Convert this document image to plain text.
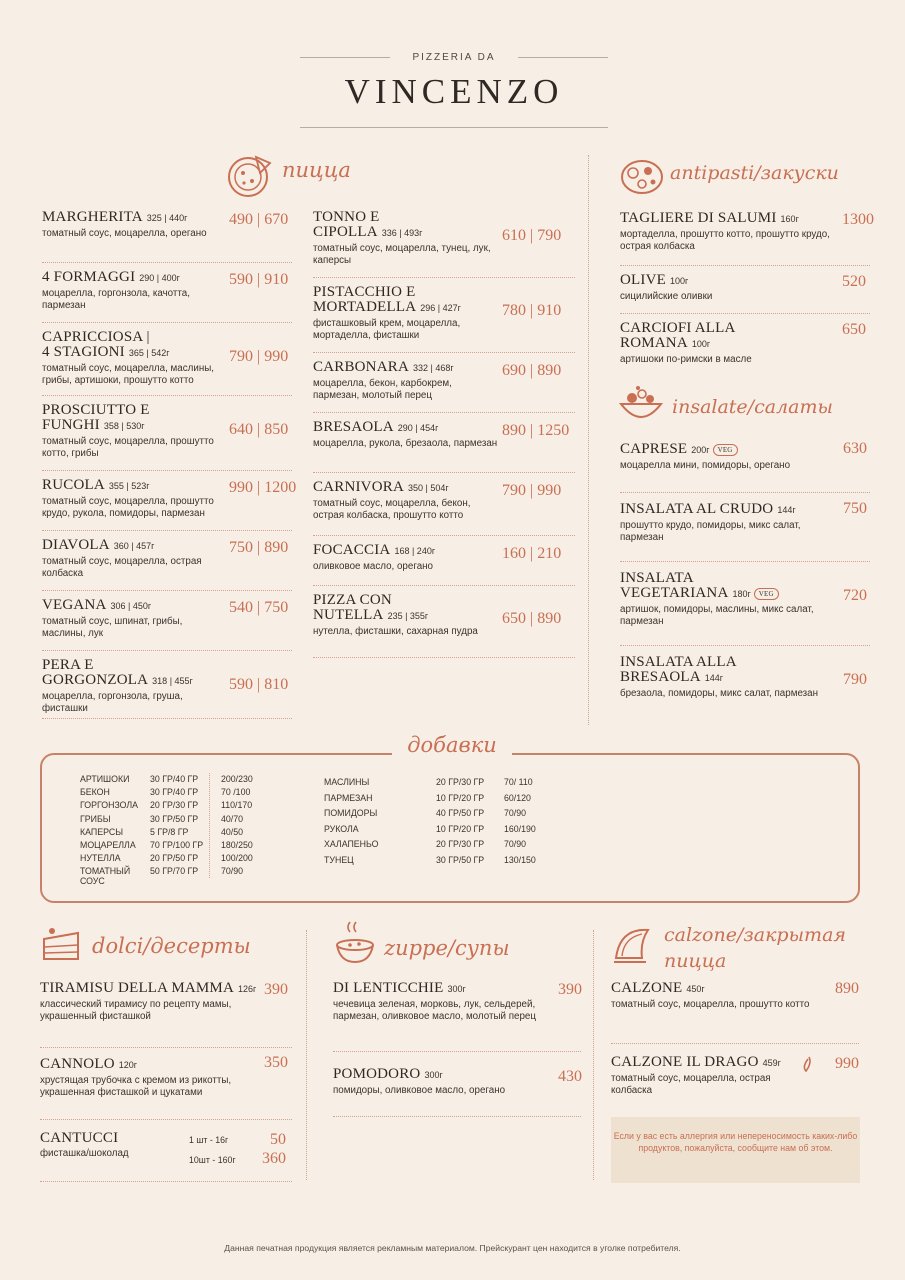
PIZZERIA DA
VINCENZO
пицца
MARGHERITA 325 | 440г
томатный соус, моцарелла, орегано
490 | 670
4 FORMAGGI 290 | 400г
моцарелла, горгонзола, качотта, пармезан
590 | 910
CAPRICCIOSA |
4 STAGIONI 365 | 542г
томатный соус, моцарелла, маслины, грибы, артишоки, прошутто котто
790 | 990
PROSCIUTTO E
FUNGHI 358 | 530г
томатный соус, моцарелла, прошутто котто, грибы
640 | 850
RUCOLA 355 | 523г
томатный соус, моцарелла, прошутто крудо, рукола, помидоры, пармезан
990 | 1200
DIAVOLA 360 | 457г
томатный соус, моцарелла, острая колбаска
750 | 890
VEGANA 306 | 450г
томатный соус, шпинат, грибы, маслины, лук
540 | 750
PERA E
GORGONZOLA 318 | 455г
моцарелла, горгонзола, груша, фисташки
590 | 810
TONNO E
CIPOLLA 336 | 493г
томатный соус, моцарелла, тунец, лук, каперсы
610 | 790
PISTACCHIO E
MORTADELLA 296 | 427г
фисташковый крем, моцарелла, мортаделла, фисташки
780 | 910
CARBONARA 332 | 468г
моцарелла, бекон, карбокрем, пармезан, молотый перец
690 | 890
BRESAOLA 290 | 454г
моцарелла, рукола, брезаола, пармезан
890 | 1250
CARNIVORA 350 | 504г
томатный соус, моцарелла, бекон, острая колбаска, прошутто котто
790 | 990
FOCACCIA 168 | 240г
оливковое масло, орегано
160 | 210
PIZZA CON
NUTELLA 235 | 355г
нутелла, фисташки, сахарная пудра
650 | 890
antipasti/закуски
TAGLIERE DI SALUMI 160г
мортаделла, прошутто котто, прошутто крудо, острая колбаска
1300
OLIVE 100г
сицилийские оливки
520
CARCIOFI ALLA
ROMANA 100г
артишоки по-римски в масле
650
insalate/салаты
CAPRESE 200г VEG
моцарелла мини, помидоры, орегано
630
INSALATA AL CRUDO 144г
прошутто крудо, помидоры, микс салат, пармезан
750
INSALATA
VEGETARIANA 180г VEG
артишок, помидоры, маслины, микс салат, пармезан
720
INSALATA ALLA
BRESAOLA 144г
брезаола, помидоры, микс салат, пармезан
790
добавки
АРТИШОКИ 30 ГР/40 ГР	200/230
БЕКОН	30 ГР/40 ГР	70 /100
ГОРГОНЗОЛА 20 ГР/30 ГР	110/170
ГРИБЫ	30 ГР/50 ГР	40/70
КАПЕРСЫ	5 ГР/8 ГР	40/50
МОЦАРЕЛЛА 70 ГР/100 ГР 180/250
НУТЕЛЛА	20 ГР/50 ГР	100/200
ТОМАТНЫЙ
СОУС
50 ГР/70 ГР	70/90
МАСЛИНЫ	20 ГР/30 ГР 70/ 110
ПАРМЕЗАН	10 ГР/20 ГР 60/120
ПОМИДОРЫ	40 ГР/50 ГР 70/90
РУКОЛА	10 ГР/20 ГР 160/190
ХАЛАПЕНЬО	20 ГР/30 ГР 70/90
ТУНЕЦ	30 ГР/50 ГР 130/150
dolci/десерты
TIRAMISU DELLA MAMMA 126г
классический тирамису по рецепту мамы, украшенный фисташкой
390
CANNOLO 120г
хрустящая трубочка с кремом из рикотты, украшенная фисташкой и цукатами
350
CANTUCCI
фисташка/шоколад
1 шт - 16г	50
10шт - 160г 360
zuppe/супы
DI LENTICCHIE 300г
чечевица зеленая, морковь, лук, сельдерей, пармезан, оливковое масло, молотый перец
390
POMODORO 300г
помидоры, оливковое масло, орегано
430
calzone/закрытая пицца
CALZONE 450г
томатный соус, моцарелла, прошутто котто
890
CALZONE IL DRAGO 459г
томатный соус, моцарелла, острая колбаска
990
Если у вас есть аллергия или непереносимость каких-либо продуктов, пожалуйста, сообщите нам об этом.
Данная печатная продукция является рекламным материалом. Прейскурант цен находится в уголке потребителя.
